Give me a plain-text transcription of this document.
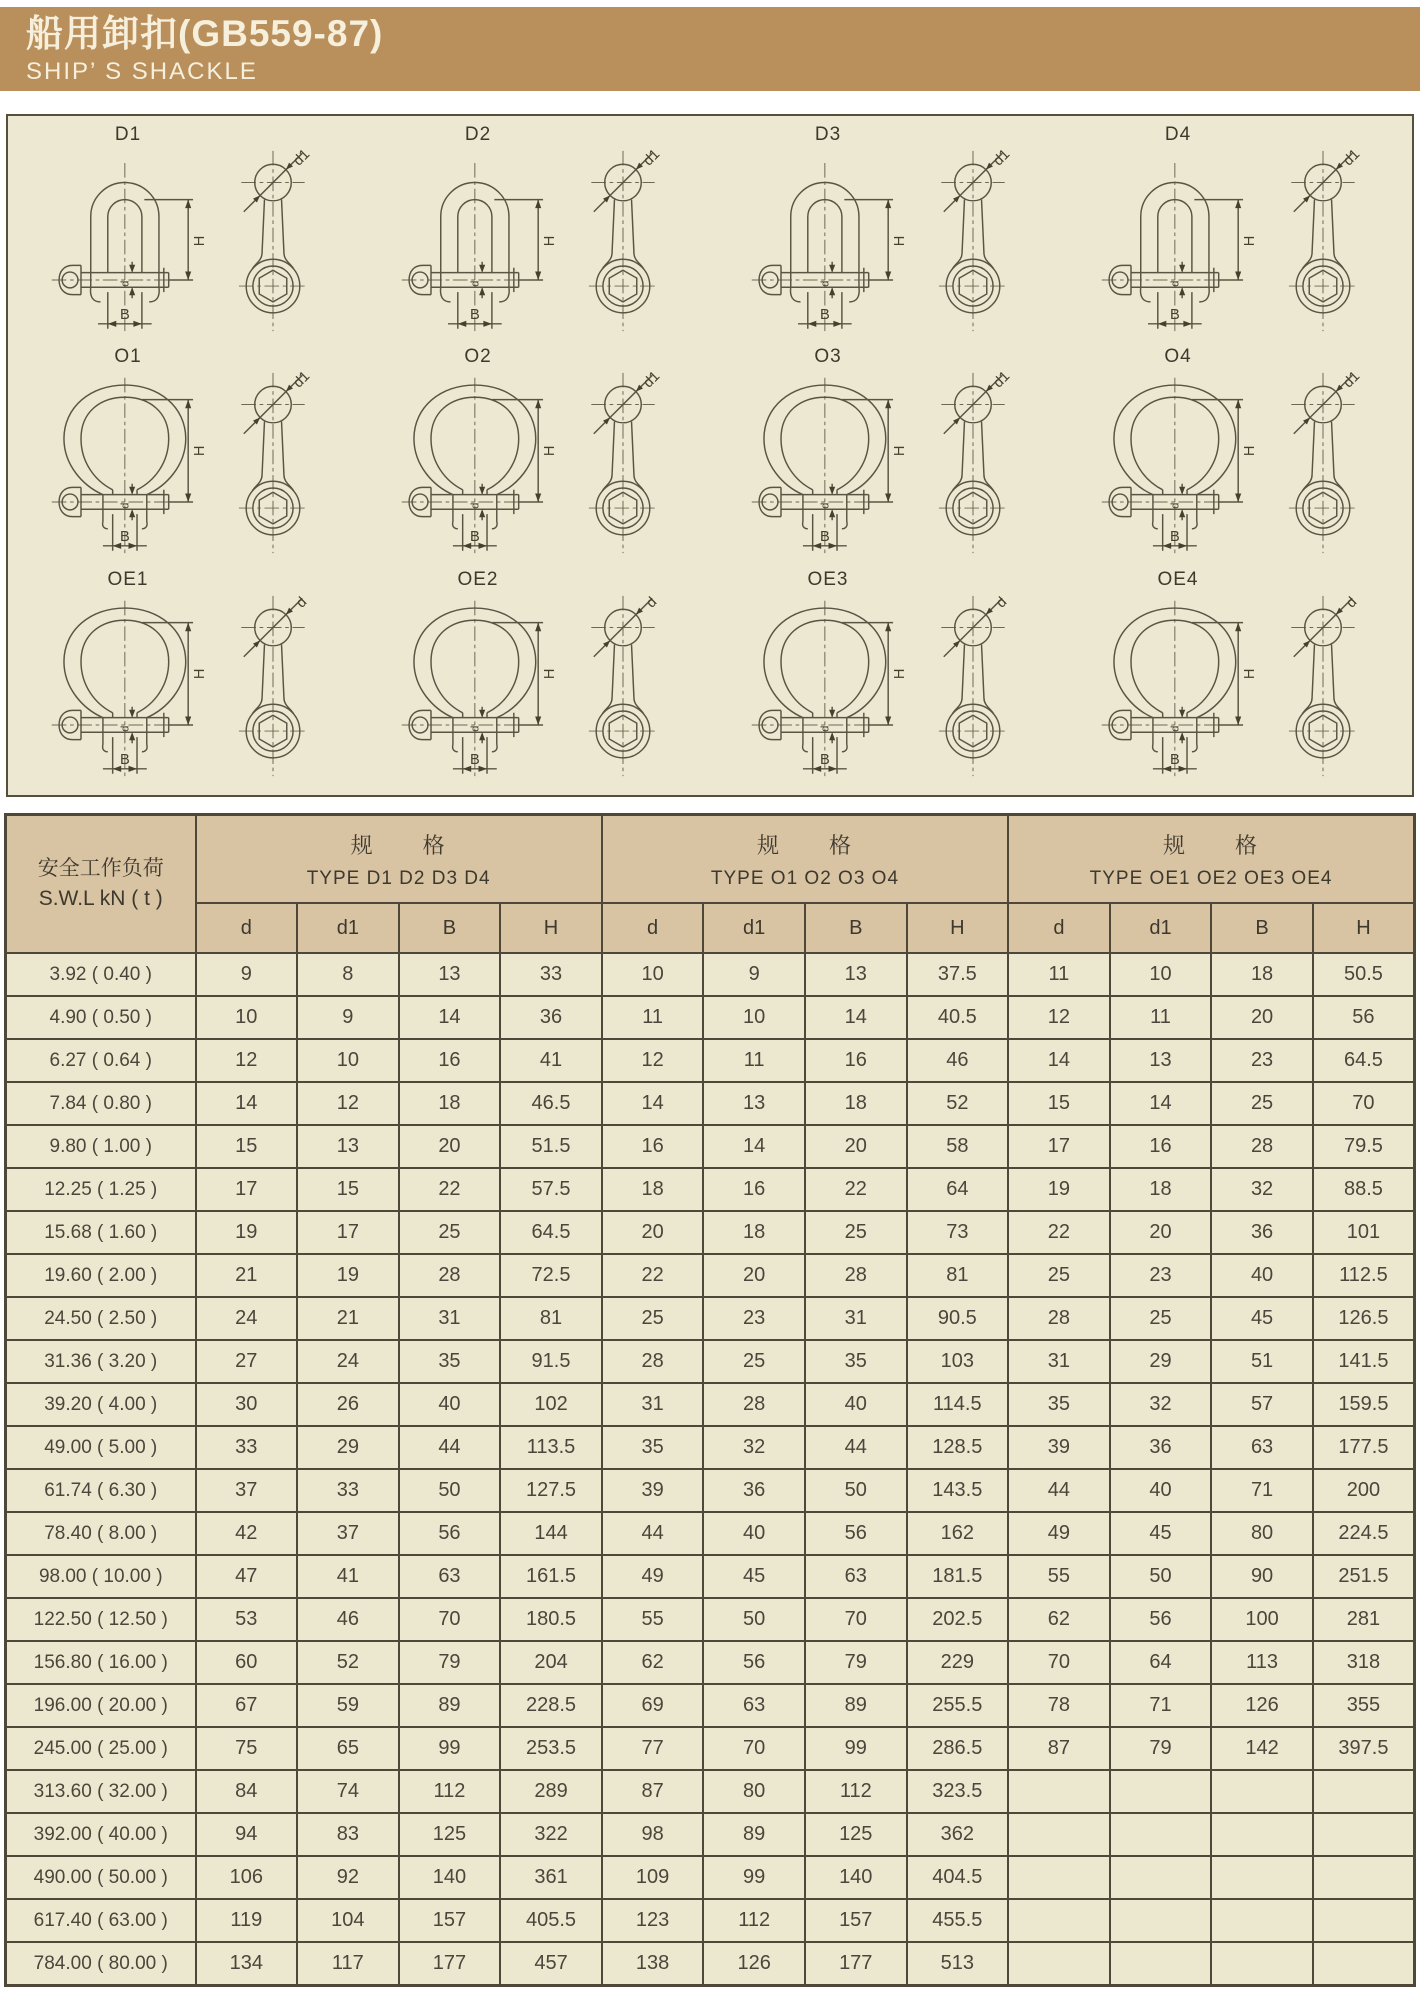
船用卸扣(GB559-87)
SHIP’ S SHACKLE
D1	D2	D3	D4
O1	O2	O3	O4
OE1	OE2	OE3	OE4
安全工作负荷
S.W.L kN ( t )

规　　格
TYPE D1 D2 D3 D4

规　　格
TYPE O1 O2 O3 O4

规　　格
TYPE OE1 OE2 OE3 OE4

	d	d1	B	H	d	d1	B	H	d	d1	B	H
3.92 ( 0.40 )	9	8	13	33	10	9	13	37.5	11	10	18	50.5
4.90 ( 0.50 )	10	9	14	36	11	10	14	40.5	12	11	20	56
6.27 ( 0.64 )	12	10	16	41	12	11	16	46	14	13	23	64.5
7.84 ( 0.80 )	14	12	18	46.5	14	13	18	52	15	14	25	70
9.80 ( 1.00 )	15	13	20	51.5	16	14	20	58	17	16	28	79.5
12.25 ( 1.25 )	17	15	22	57.5	18	16	22	64	19	18	32	88.5
15.68 ( 1.60 )	19	17	25	64.5	20	18	25	73	22	20	36	101
19.60 ( 2.00 )	21	19	28	72.5	22	20	28	81	25	23	40	112.5
24.50 ( 2.50 )	24	21	31	81	25	23	31	90.5	28	25	45	126.5
31.36 ( 3.20 )	27	24	35	91.5	28	25	35	103	31	29	51	141.5
39.20 ( 4.00 )	30	26	40	102	31	28	40	114.5	35	32	57	159.5
49.00 ( 5.00 )	33	29	44	113.5	35	32	44	128.5	39	36	63	177.5
61.74 ( 6.30 )	37	33	50	127.5	39	36	50	143.5	44	40	71	200
78.40 ( 8.00 )	42	37	56	144	44	40	56	162	49	45	80	224.5
98.00 ( 10.00 )	47	41	63	161.5	49	45	63	181.5	55	50	90	251.5
122.50 ( 12.50 )	53	46	70	180.5	55	50	70	202.5	62	56	100	281
156.80 ( 16.00 )	60	52	79	204	62	56	79	229	70	64	113	318
196.00 ( 20.00 )	67	59	89	228.5	69	63	89	255.5	78	71	126	355
245.00 ( 25.00 )	75	65	99	253.5	77	70	99	286.5	87	79	142	397.5
313.60 ( 32.00 )	84	74	112	289	87	80	112	323.5				
392.00 ( 40.00 )	94	83	125	322	98	89	125	362				
490.00 ( 50.00 )	106	92	140	361	109	99	140	404.5				
617.40 ( 63.00 )	119	104	157	405.5	123	112	157	455.5				
784.00 ( 80.00 )	134	117	177	457	138	126	177	513				
